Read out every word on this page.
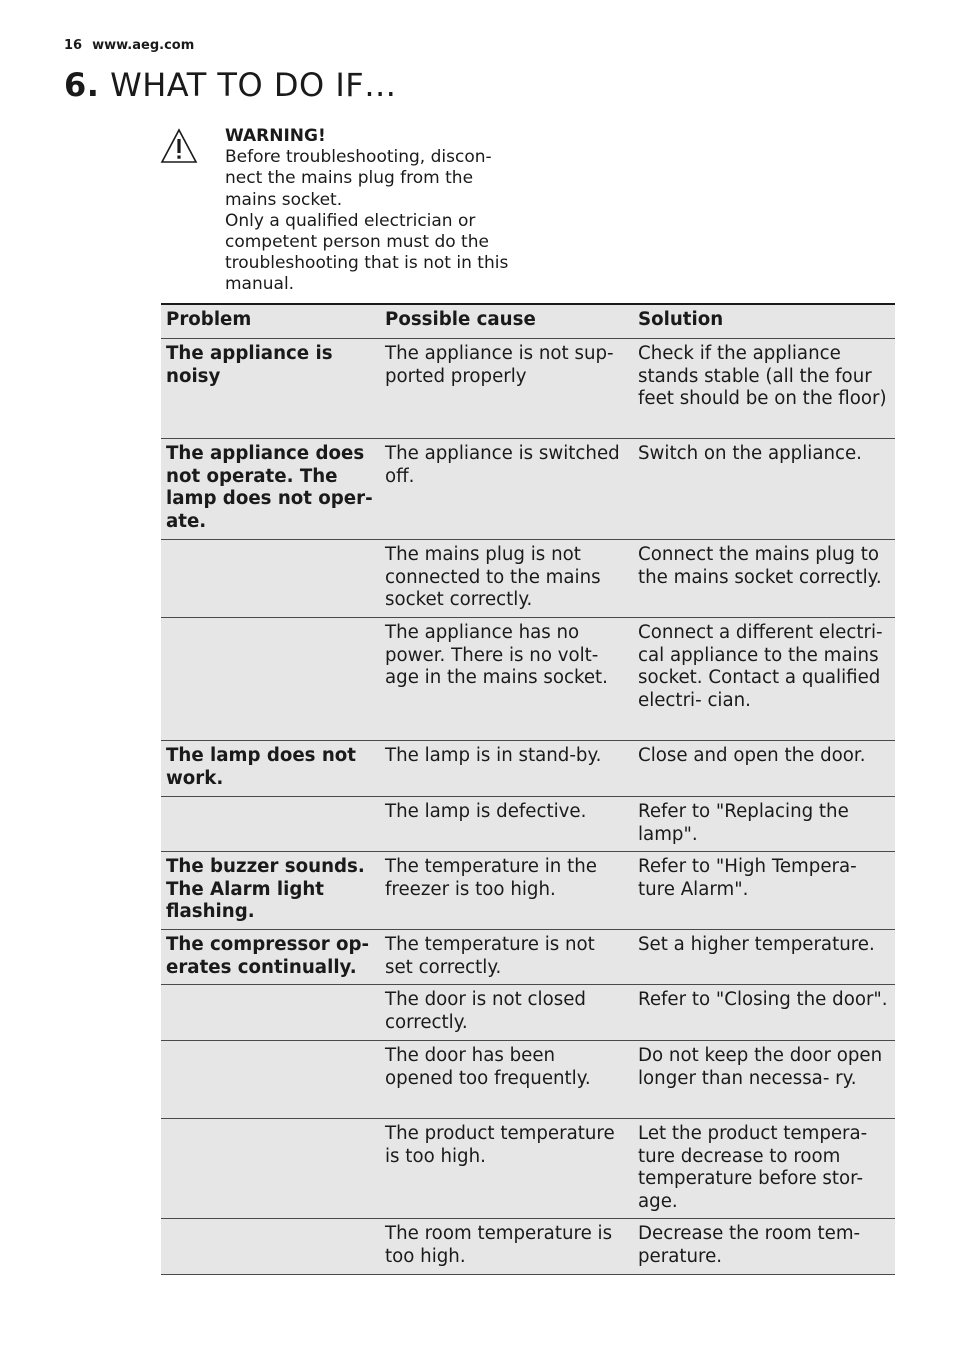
16 www.aeg.com
6. WHAT TO DO IF…
WARNING!
Before troubleshooting, discon-
nect the mains plug from the
mains socket.
Only a qualified electrician or
competent person must do the
troubleshooting that is not in this
manual.
Problem	Possible cause	Solution
The appliance is noisy	The appliance is not sup- ported properly	Check if the appliance stands stable (all the four feet should be on the floor)
The appliance does not operate. The lamp does not oper- ate.	The appliance is switched off.	Switch on the appliance.
	The mains plug is not connected to the mains socket correctly.	Connect the mains plug to the mains socket correctly.
	The appliance has no power. There is no volt- age in the mains socket.	Connect a different electri- cal appliance to the mains socket. Contact a qualified electri- cian.
The lamp does not work.	The lamp is in stand-by.	Close and open the door.
	The lamp is defective.	Refer to "Replacing the lamp".
The buzzer sounds. The Alarm light flashing.	The temperature in the freezer is too high.	Refer to "High Tempera- ture Alarm".
The compressor op- erates continually.	The temperature is not set correctly.	Set a higher temperature.
	The door is not closed correctly.	Refer to "Closing the door".
	The door has been opened too frequently.	Do not keep the door open longer than necessa- ry.
	The product temperature is too high.	Let the product tempera- ture decrease to room temperature before stor- age.
	The room temperature is too high.	Decrease the room tem- perature.
